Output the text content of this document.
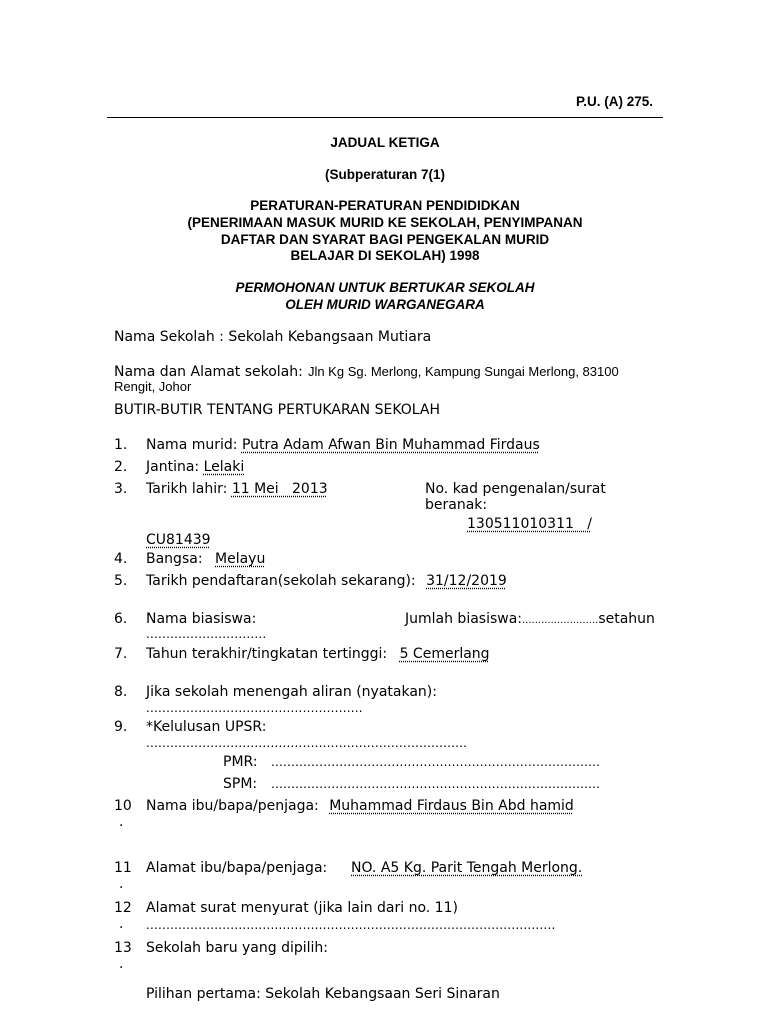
P.U. (A) 275.
JADUAL KETIGA
(Subperaturan 7(1)
PERATURAN-PERATURAN PENDIDIDKAN
(PENERIMAAN MASUK MURID KE SEKOLAH, PENYIMPANAN
DAFTAR DAN SYARAT BAGI PENGEKALAN MURID
BELAJAR DI SEKOLAH) 1998
PERMOHONAN UNTUK BERTUKAR SEKOLAH
OLEH MURID WARGANEGARA
Nama Sekolah : Sekolah Kebangsaan Mutiara
Nama dan Alamat sekolah: Jln Kg Sg. Merlong, Kampung Sungai Merlong, 83100
Rengit, Johor
BUTIR-BUTIR TENTANG PERTUKARAN SEKOLAH
1. Nama murid: Putra Adam Afwan Bin Muhammad Firdaus
2. Jantina: Lelaki
3. Tarikh lahir: 11 Mei   2013	No. kad pengenalan/surat
beranak:
130511010311   /
CU81439
4. Bangsa: Melayu
5. Tarikh pendaftaran(sekolah sekarang): 31/12/2019
6. Nama biasiswa:	Jumlah biasiswa:........................setahun
..............................
7. Tahun terakhir/tingkatan tertinggi: 5 Cemerlang
8. Jika sekolah menengah aliran (nyatakan):
......................................................
9. *Kelulusan UPSR:
................................................................................
PMR: ..................................................................................
SPM: ..................................................................................
10
.
Nama ibu/bapa/penjaga: Muhammad Firdaus Bin Abd hamid
11
.
Alamat ibu/bapa/penjaga: NO. A5 Kg. Parit Tengah Merlong.
12
.
Alamat surat menyurat (jika lain dari no. 11)
......................................................................................................
13
.
Sekolah baru yang dipilih:
Pilihan pertama: Sekolah Kebangsaan Seri Sinaran
